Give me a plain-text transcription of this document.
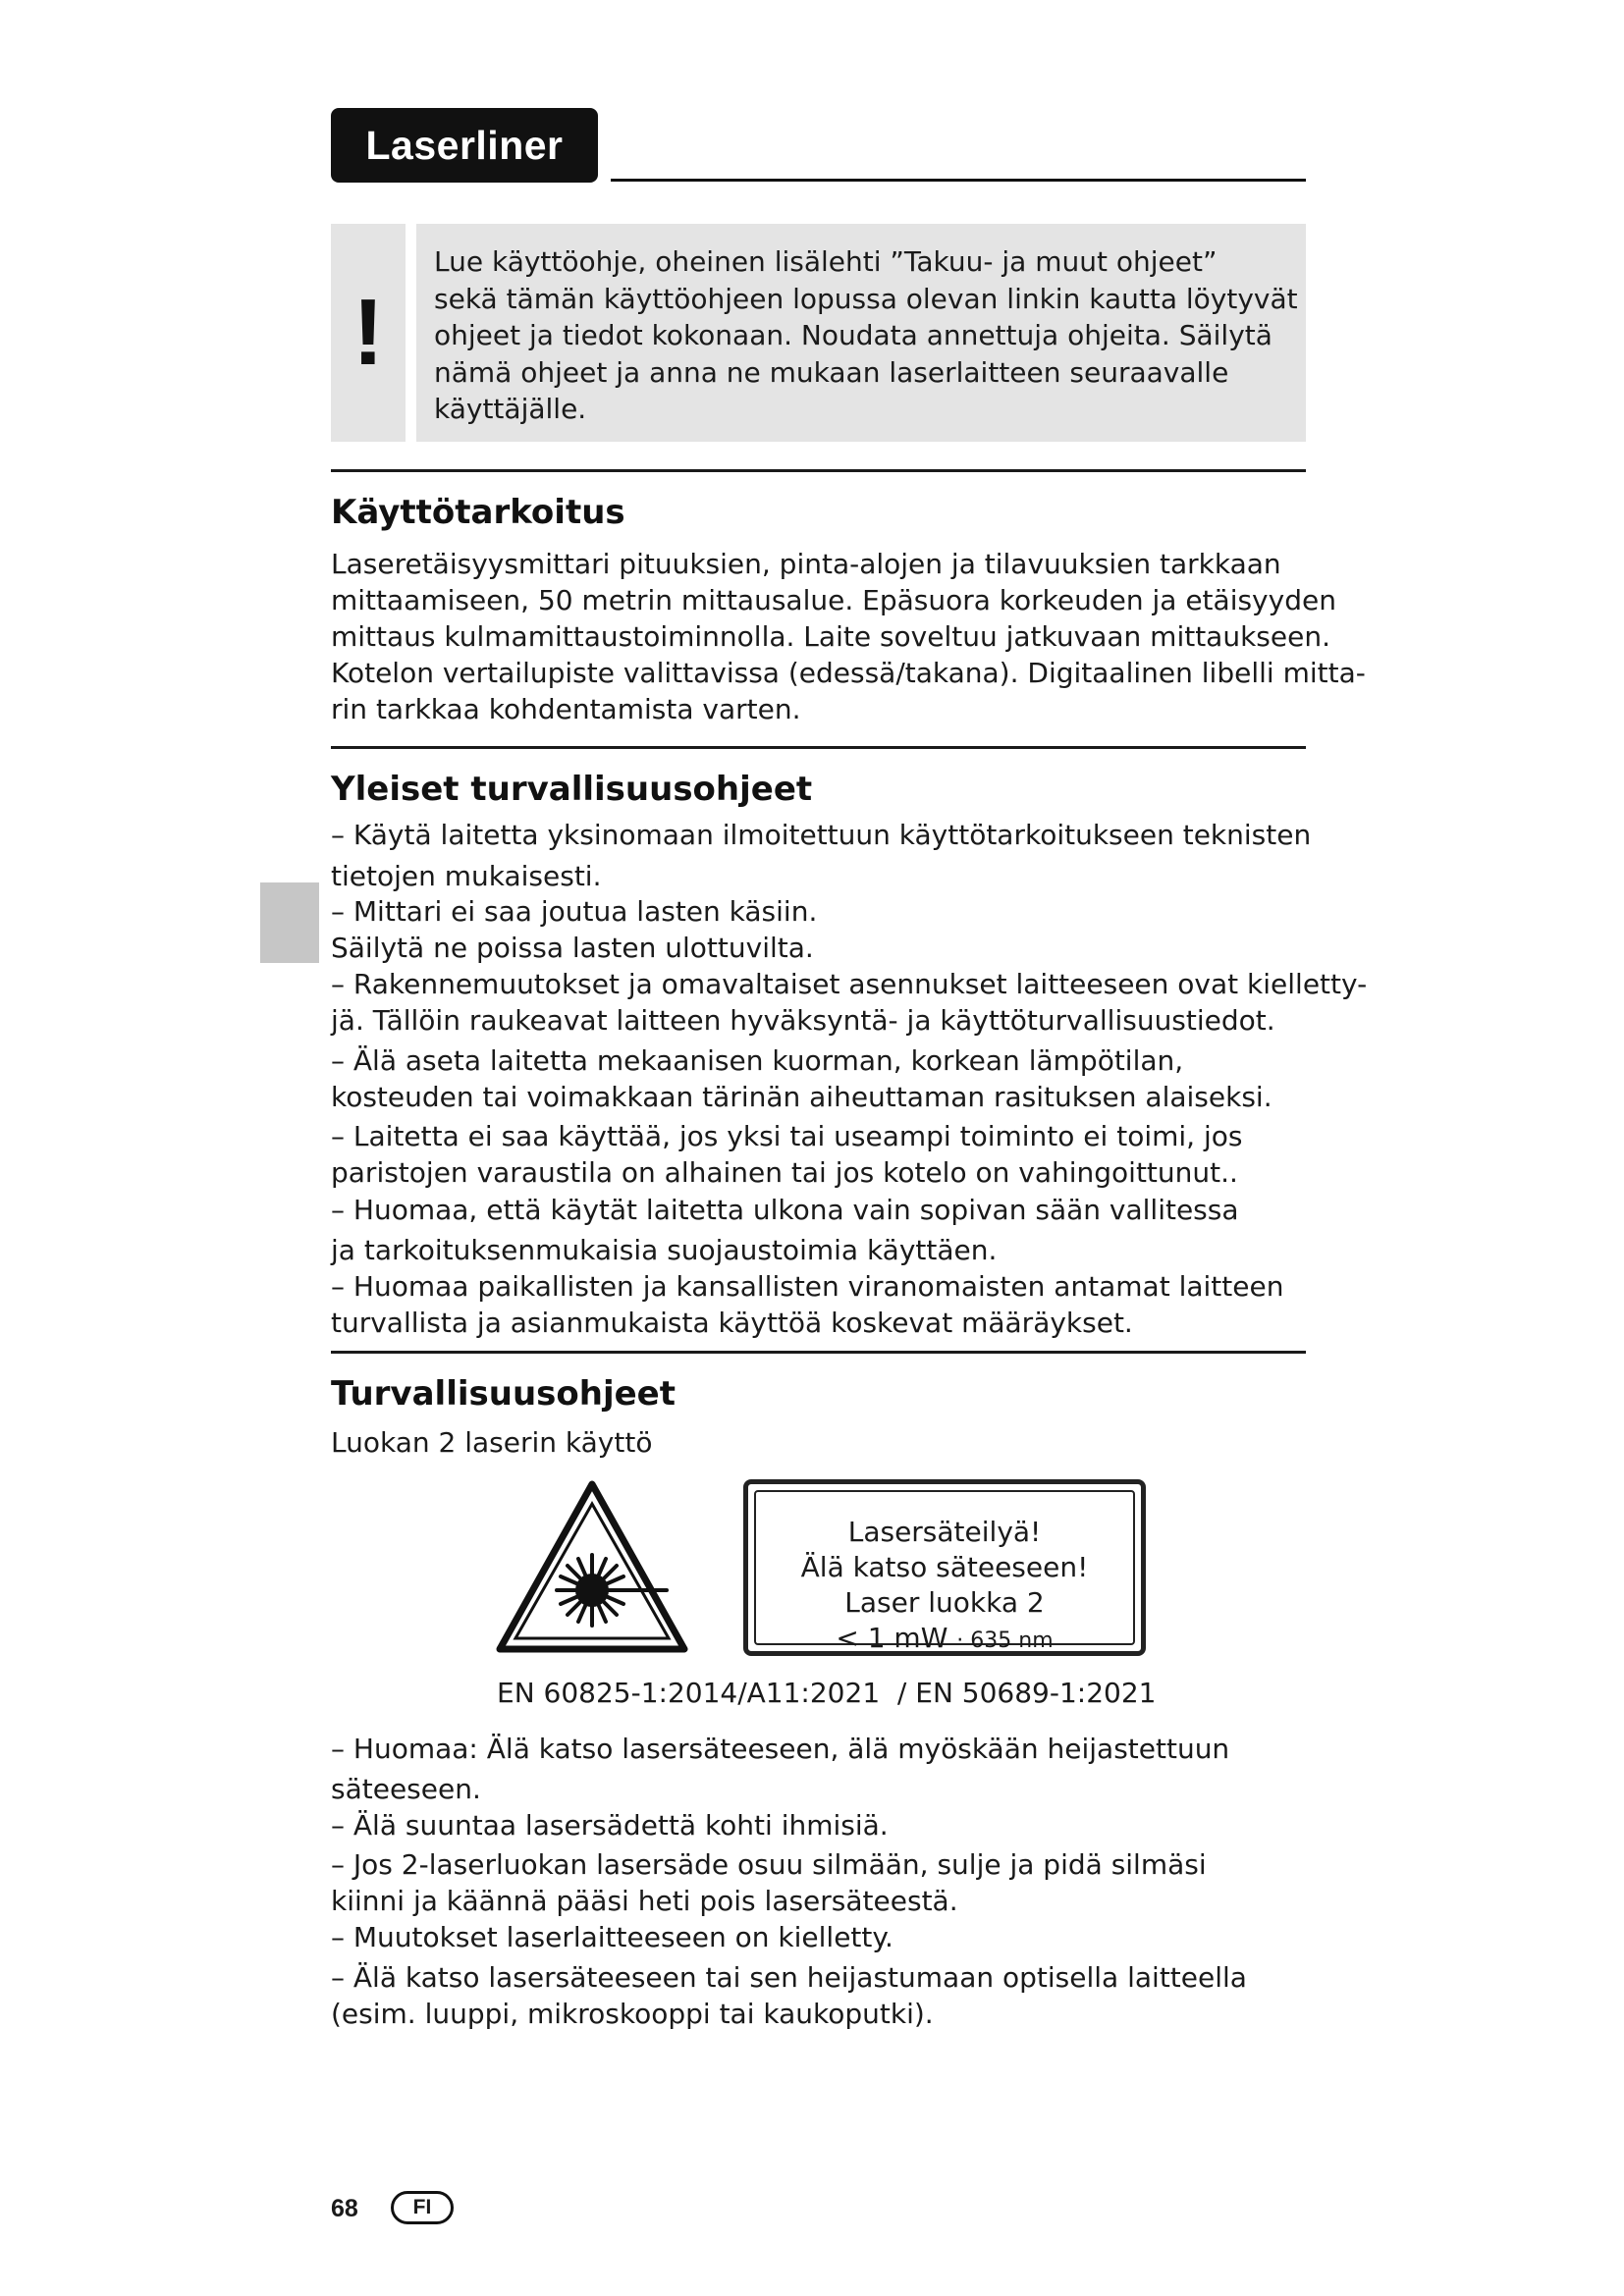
Laserliner
!
Lue käyttöohje, oheinen lisälehti ”Takuu- ja muut ohjeet”
sekä tämän käyttöohjeen lopussa olevan linkin kautta löytyvät
ohjeet ja tiedot kokonaan. Noudata annettuja ohjeita. Säilytä
nämä ohjeet ja anna ne mukaan laserlaitteen seuraavalle
käyttäjälle.
Käyttötarkoitus
Laseretäisyysmittari pituuksien, pinta-alojen ja tilavuuksien tarkkaan
mittaamiseen, 50 metrin mittausalue. Epäsuora korkeuden ja etäisyyden
mittaus kulmamittaustoiminnolla. Laite soveltuu jatkuvaan mittaukseen.
Kotelon vertailupiste valittavissa (edessä/takana). Digitaalinen libelli mitta-
rin tarkkaa kohdentamista varten.
Yleiset turvallisuusohjeet
– Käytä laitetta yksinomaan ilmoitettuun käyttötarkoitukseen teknisten
tietojen mukaisesti.
– Mittari ei saa joutua lasten käsiin.
Säilytä ne poissa lasten ulottuvilta.
– Rakennemuutokset ja omavaltaiset asennukset laitteeseen ovat kielletty-
jä. Tällöin raukeavat laitteen hyväksyntä- ja käyttöturvallisuustiedot.
– Älä aseta laitetta mekaanisen kuorman, korkean lämpötilan,
kosteuden tai voimakkaan tärinän aiheuttaman rasituksen alaiseksi.
– Laitetta ei saa käyttää, jos yksi tai useampi toiminto ei toimi, jos
paristojen varaustila on alhainen tai jos kotelo on vahingoittunut..
– Huomaa, että käytät laitetta ulkona vain sopivan sään vallitessa
ja tarkoituksenmukaisia suojaustoimia käyttäen.
– Huomaa paikallisten ja kansallisten viranomaisten antamat laitteen
turvallista ja asianmukaista käyttöä koskevat määräykset.
Turvallisuusohjeet
Luokan 2 laserin käyttö
Lasersäteilyä!
Älä katso säteeseen!
Laser luokka 2
< 1 mW · 635 nm
EN 60825-1:2014/A11:2021  / EN 50689-1:2021
– Huomaa: Älä katso lasersäteeseen, älä myöskään heijastettuun
säteeseen.
– Älä suuntaa lasersädettä kohti ihmisiä.
– Jos 2-laserluokan lasersäde osuu silmään, sulje ja pidä silmäsi
kiinni ja käännä pääsi heti pois lasersäteestä.
– Muutokset laserlaitteeseen on kielletty.
– Älä katso lasersäteeseen tai sen heijastumaan optisella laitteella
(esim. luuppi, mikroskooppi tai kaukoputki).
68	FI
